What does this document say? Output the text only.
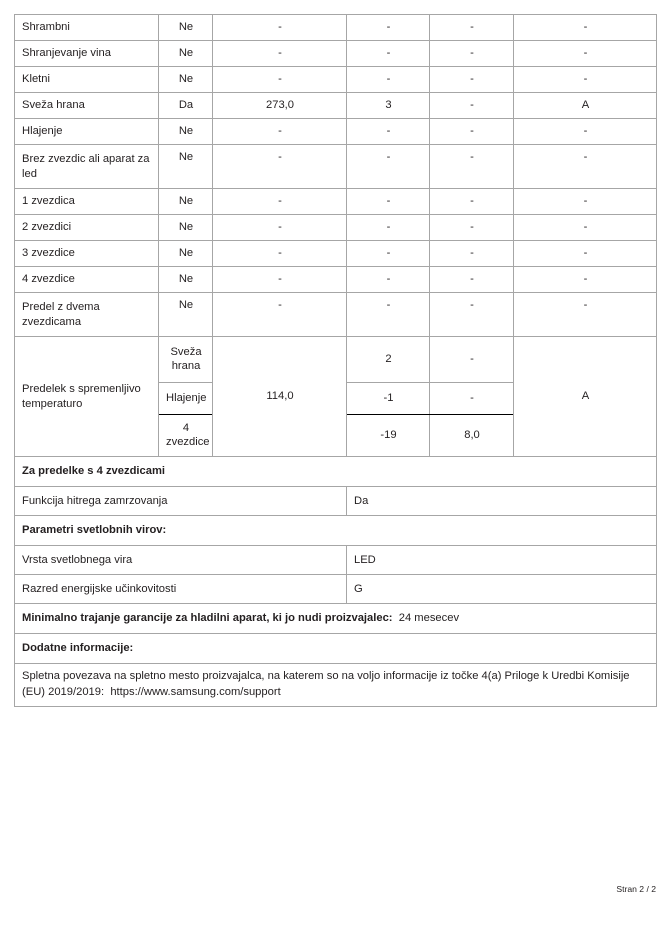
Shrambni	Ne	-	-	-	-
Shranjevanje vina	Ne	-	-	-	-
Kletni	Ne	-	-	-	-
Sveža hrana	Da	273,0	3	-	A
Hlajenje	Ne	-	-	-	-
Brez zvezdic ali aparat za led	Ne	-	-	-	-
1 zvezdica	Ne	-	-	-	-
2 zvezdici	Ne	-	-	-	-
3 zvezdice	Ne	-	-	-	-
4 zvezdice	Ne	-	-	-	-
Predel z dvema zvezdicama	Ne	-	-	-	-
Predelek s spremenljivo temperaturo	Sveža hrana	114,0	2	-	A
	Hlajenje		-1	-	
	4 zvezdice		-19	8,0	
Za predelke s 4 zvezdicami					
Funkcija hitrega zamrzovanja			Da		
Parametri svetlobnih virov:					
Vrsta svetlobnega vira			LED		
Razred energijske učinkovitosti			G		
Minimalno trajanje garancije za hladilni aparat, ki jo nudi proizvajalec: 24 mesecev					
Dodatne informacije:					
Spletna povezava na spletno mesto proizvajalca, na katerem so na voljo informacije iz točke 4(a) Priloge k Uredbi Komisije (EU) 2019/2019: https://www.samsung.com/support					
Stran 2 / 2
